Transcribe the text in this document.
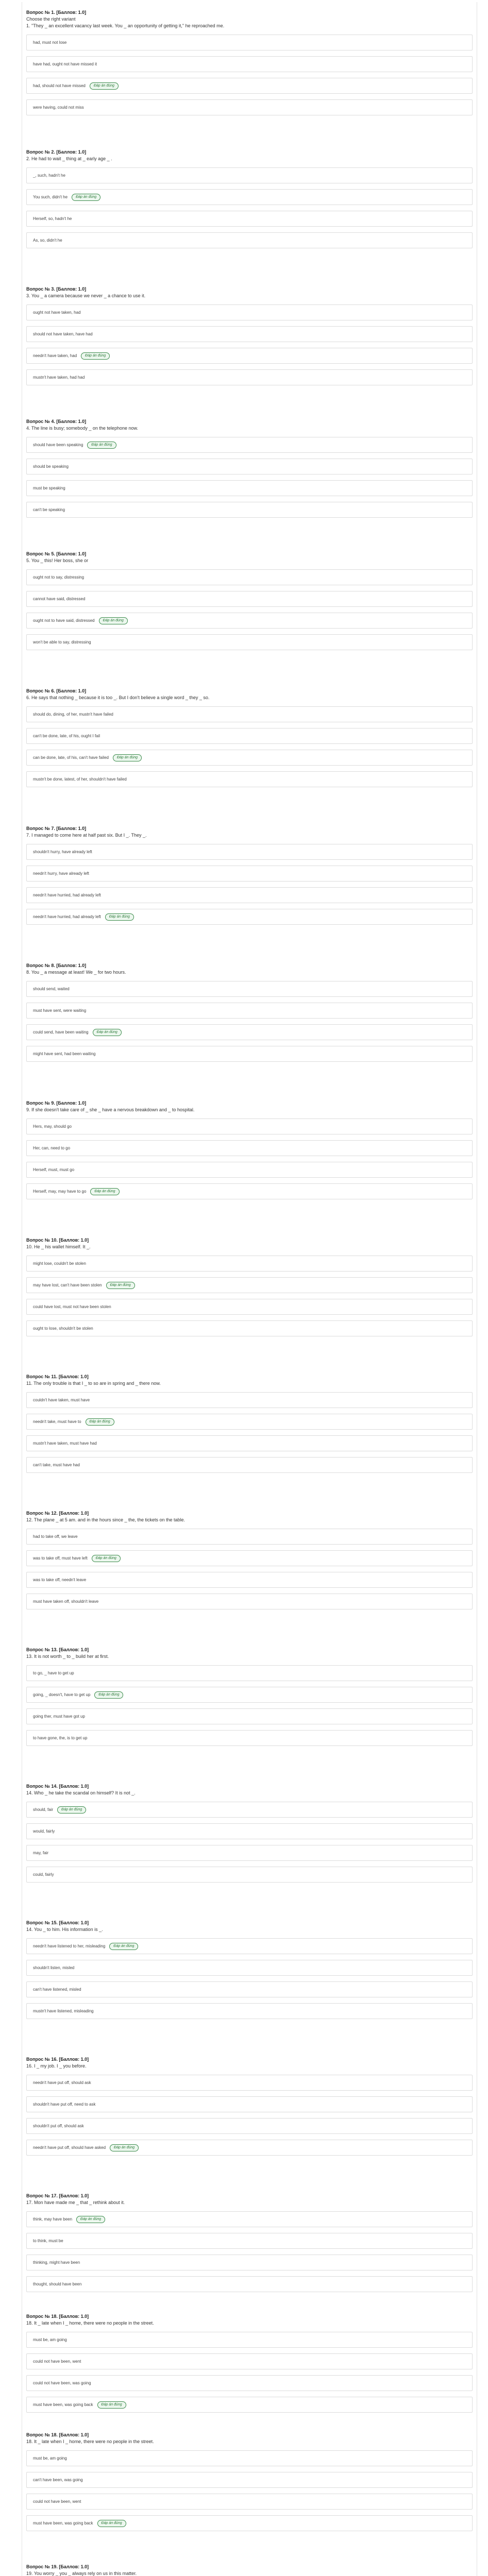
Вопрос № 1. [Баллов: 1.0]
Choose the right variant
1. "They _ an excellent vacancy last week. You _ an opportunity of getting it," he reproached me.
had, must not lose
have had, ought not have missed it
had, should not have missed	Đáp án đúng
were having, could not miss
Вопрос № 2. [Баллов: 1.0]
2. He had to wait _ thing at _ early age _ .
_, such, hadn't he
You such, didn't he	Đáp án đúng
Herself, so, hadn't he
As, so, didn't he
Вопрос № 3. [Баллов: 1.0]
3. You _ a camera because we never _ a chance to use it.
ought not have taken, had
should not have taken, have had
needn't have taken, had	Đáp án đúng
mustn't have taken, had had
Вопрос № 4. [Баллов: 1.0]
4. The line is busy; somebody _ on the telephone now.
should have been speaking	Đáp án đúng
should be speaking
must be speaking
can't be speaking
Вопрос № 5. [Баллов: 1.0]
5. You _ this! Her boss, she or
ought not to say, distressing
cannot have said, distressed
ought not to have said, distressed	Đáp án đúng
won't be able to say, distressing
Вопрос № 6. [Баллов: 1.0]
6. He says that nothing _ because it is too _. But I don't believe a single word _ they _ so.
should do, dining, of her, mustn't have failed
can't be done, late, of his, ought I fail
can be done, late, of his, can't have failed	Đáp án đúng
mustn't be done, latest, of her, shouldn't have failed
Вопрос № 7. [Баллов: 1.0]
7. I managed to come here at half past six. But I _. They _.
shouldn't hurry, have already left
needn't hurry, have already left
needn't have hurried, had already left
needn't have hurried, had already left	Đáp án đúng
Вопрос № 8. [Баллов: 1.0]
8. You _ a message at least! We _ for two hours.
should send, waited
must have sent, were waiting
could send, have been waiting	Đáp án đúng
might have sent, had been waiting
Вопрос № 9. [Баллов: 1.0]
9. If she doesn't take care of _ she _ have a nervous breakdown and _ to hospital.
Hers, may, should go
Her, can, need to go
Herself, must, must go
Herself, may, may have to go	Đáp án đúng
Вопрос № 10. [Баллов: 1.0]
10. He _ his wallet himself. It _.
might lose, couldn't be stolen
may have lost, can't have been stolen	Đáp án đúng
could have lost, must not have been stolen
ought to lose, shouldn't be stolen
Вопрос № 11. [Баллов: 1.0]
11. The only trouble is that I _ to so are in spring and _ there now.
couldn't have taken, must have
needn't take, must have to	Đáp án đúng
mustn't have taken, must have had
can't take, must have had
Вопрос № 12. [Баллов: 1.0]
12. The plane _ at 5 am. and in the hours since _ the, the tickets on the table.
had to take off, we leave
was to take off, must have left	Đáp án đúng
was to take off, needn't leave
must have taken off, shouldn't leave
Вопрос № 13. [Баллов: 1.0]
13. It is not worth _ to _ build her at first.
to go, _ have to get up
going, _ doesn't, have to get up	Đáp án đúng
going ther, must have got up
to have gone, the, is to get up
Вопрос № 14. [Баллов: 1.0]
14. Who _ he take the scandal on himself? It is not _.
should, fair	Đáp án đúng
would, fairly
may, fair
could, fairly
Вопрос № 15. [Баллов: 1.0]
14. You _ to him. His information is _.
needn't have listened to her, misleading	Đáp án đúng
shouldn't listen, misled
can't have listened, misled
mustn't have listened, misleading
Вопрос № 16. [Баллов: 1.0]
16. I _ my job. I _ you before.
needn't have put off, should ask
shouldn't have put off, need to ask
shouldn't put off, should ask
needn't have put off, should have asked	Đáp án đúng
Вопрос № 17. [Баллов: 1.0]
17. Mon have made me _ that _ rethink about it.
think, may have been	Đáp án đúng
to think, must be
thinking, might have been
thought, should have been
Вопрос № 18. [Баллов: 1.0]
18. It _ late when I _ home, there were no people in the street.
must be, am going
could not have been, went
could not have been, was going
must have been, was going back	Đáp án đúng
Вопрос № 18. [Баллов: 1.0]
18. It _ late when I _ home, there were no people in the street.
must be, am going
can't have been, was going
could not have been, went
must have been, was going back	Đáp án đúng
Вопрос № 19. [Баллов: 1.0]
19. You worry _ you _ always rely on us in this matter.
